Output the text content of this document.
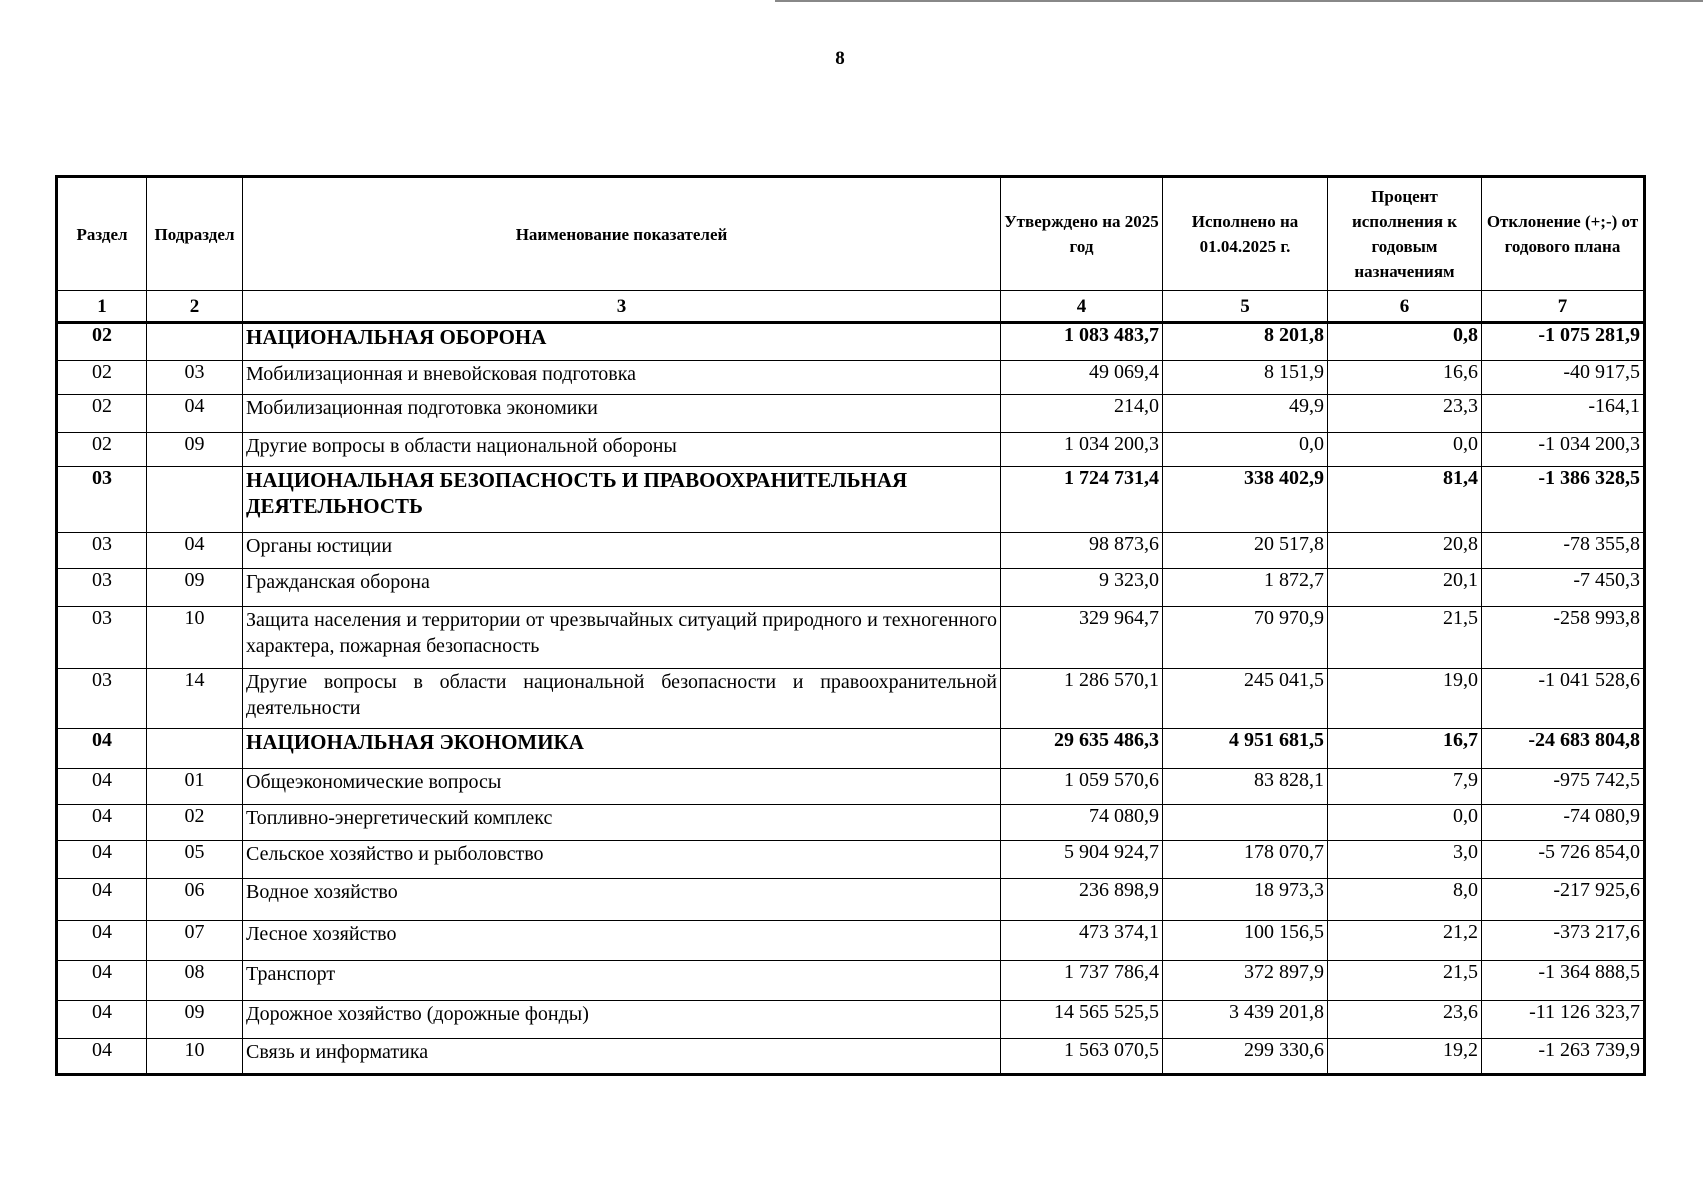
8
Раздел	Подраздел	Наименование показателей	Утверждено на 2025 год	Исполнено на 01.04.2025 г.	Процент исполнения к годовым назначениям	Отклонение (+;-) от годового плана
1	2	3	4	5	6	7
02		НАЦИОНАЛЬНАЯ ОБОРОНА	1 083 483,7	8 201,8	0,8	-1 075 281,9
02	03	Мобилизационная и вневойсковая подготовка	49 069,4	8 151,9	16,6	-40 917,5
02	04	Мобилизационная подготовка экономики	214,0	49,9	23,3	-164,1
02	09	Другие вопросы в области национальной обороны	1 034 200,3	0,0	0,0	-1 034 200,3
03		НАЦИОНАЛЬНАЯ БЕЗОПАСНОСТЬ И ПРАВООХРАНИТЕЛЬНАЯ ДЕЯТЕЛЬНОСТЬ	1 724 731,4	338 402,9	81,4	-1 386 328,5
03	04	Органы юстиции	98 873,6	20 517,8	20,8	-78 355,8
03	09	Гражданская оборона	9 323,0	1 872,7	20,1	-7 450,3
03	10	Защита населения и территории от чрезвычайных ситуаций природного и техногенного характера, пожарная безопасность	329 964,7	70 970,9	21,5	-258 993,8
03	14	Другие вопросы в области национальной безопасности и правоохранительной деятельности	1 286 570,1	245 041,5	19,0	-1 041 528,6
04		НАЦИОНАЛЬНАЯ ЭКОНОМИКА	29 635 486,3	4 951 681,5	16,7	-24 683 804,8
04	01	Общеэкономические вопросы	1 059 570,6	83 828,1	7,9	-975 742,5
04	02	Топливно-энергетический комплекс	74 080,9		0,0	-74 080,9
04	05	Сельское хозяйство и рыболовство	5 904 924,7	178 070,7	3,0	-5 726 854,0
04	06	Водное хозяйство	236 898,9	18 973,3	8,0	-217 925,6
04	07	Лесное хозяйство	473 374,1	100 156,5	21,2	-373 217,6
04	08	Транспорт	1 737 786,4	372 897,9	21,5	-1 364 888,5
04	09	Дорожное хозяйство (дорожные фонды)	14 565 525,5	3 439 201,8	23,6	-11 126 323,7
04	10	Связь и информатика	1 563 070,5	299 330,6	19,2	-1 263 739,9
